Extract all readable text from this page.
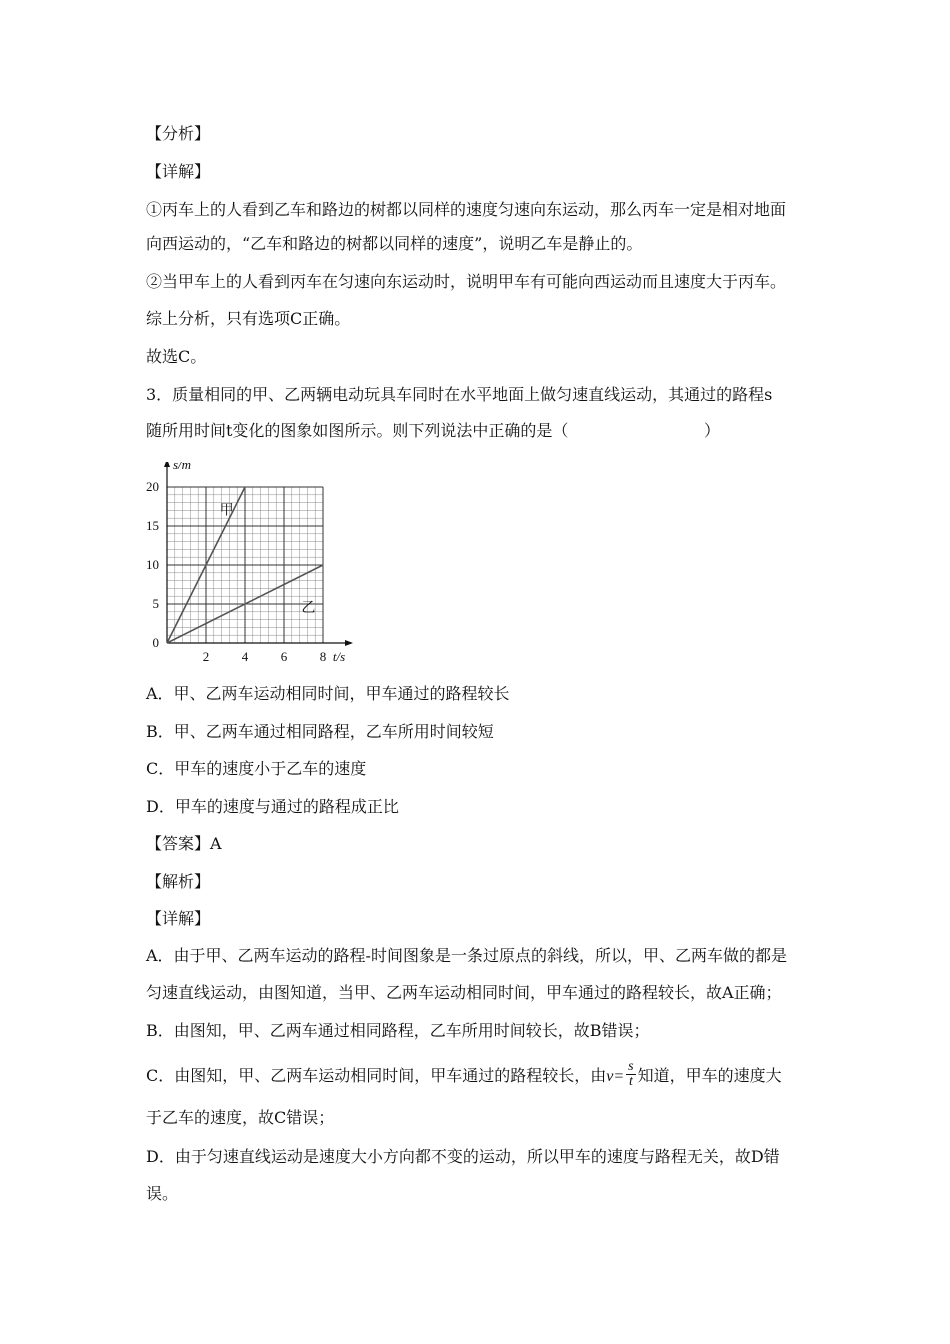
【分析】
【详解】
①丙车上的人看到乙车和路边的树都以同样的速度匀速向东运动，那么丙车一定是相对地面
向西运动的，“乙车和路边的树都以同样的速度”，说明乙车是静止的。
②当甲车上的人看到丙车在匀速向东运动时，说明甲车有可能向西运动而且速度大于丙车。
综上分析，只有选项C正确。
故选C。
3．质量相同的甲、乙两辆电动玩具车同时在水平地面上做匀速直线运动，其通过的路程s
随所用时间t变化的图象如图所示。则下列说法中正确的是（	）
甲
乙
2	4	6	8
5
10
15
20
0
t/s
s/m
A．甲、乙两车运动相同时间，甲车通过的路程较长
B．甲、乙两车通过相同路程，乙车所用时间较短
C．甲车的速度小于乙车的速度
D．甲车的速度与通过的路程成正比
【答案】A
【解析】
【详解】
A．由于甲、乙两车运动的路程-时间图象是一条过原点的斜线，所以，甲、乙两车做的都是
匀速直线运动，由图知道，当甲、乙两车运动相同时间，甲车通过的路程较长，故A正确；
B．由图知，甲、乙两车通过相同路程，乙车所用时间较长，故B错误；
C．由图知，甲、乙两车运动相同时间，甲车通过的路程较长，由$v= \frac{s}{t}$ 知道，甲车的速度大
于乙车的速度，故C错误；
D．由于匀速直线运动是速度大小方向都不变的运动，所以甲车的速度与路程无关，故D错
误。
